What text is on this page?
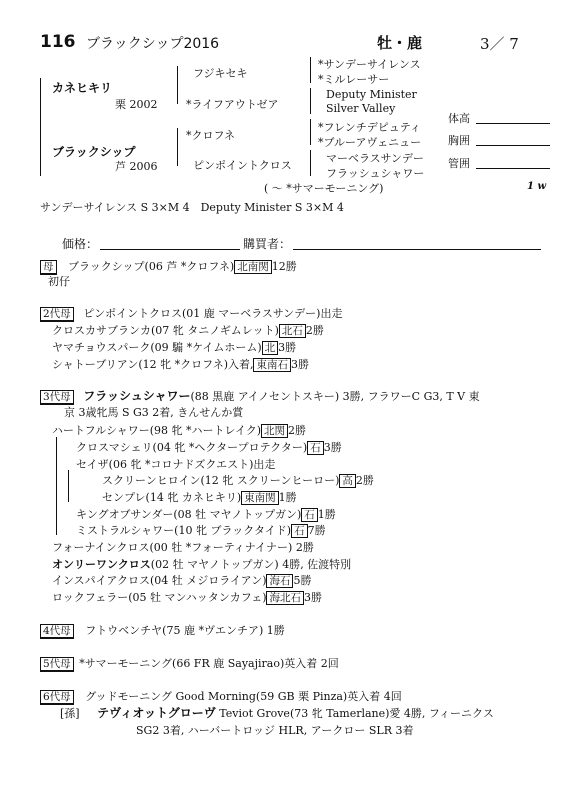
116 ブラックシップ2016	牡・鹿	3／ 7
カネヒキリ
栗 2002
ブラックシップ
芦 2006
フジキセキ
*ライフアウトゼア
*クロフネ
ピンポイントクロス
*サンデーサイレンス
*ミルレーサー
Deputy Minister
Silver Valley
*フレンチデピュティ
*ブルーアヴェニュー
マーベラスサンデー
フラッシュシャワー
体高
胸囲
管囲
( ～ *サマーモーニング)	1 w
サンデーサイレンス S 3×M 4　Deputy Minister S 3×M 4
価格：	購買者：
母 ブラックシップ(06 芦 *クロフネ) 北南関 12勝
初仔
2代母 ピンポイントクロス(01 鹿 マーベラスサンデー)出走
クロスカサブランカ(07 牝 タニノギムレット) 北石 2勝
ヤマチョウスパーク(09 騸 *ケイムホーム) 北 3勝
シャトーブリアン(12 牝 *クロフネ)入着, 東南石 3勝
3代母 フラッシュシャワー(88 黒鹿 アイノセントスキー) 3勝, フラワーC G3, T V 東
京 3歳牝馬 S G3 2着, きんせんか賞
ハートフルシャワー(98 牝 *ハートレイク) 北関 2勝
クロスマシェリ(04 牝 *ヘクタープロテクター) 石 3勝
セイザ(06 牝 *コロナドズクエスト)出走
スクリーンヒロイン(12 牝 スクリーンヒーロー) 高 2勝
センプレ(14 牝 カネヒキリ) 東南関 1勝
キングオブサンダー(08 牡 マヤノトップガン) 石 1勝
ミストラルシャワー(10 牝 ブラックタイド) 石 7勝
フォーナインクロス(00 牡 *フォーティナイナー) 2勝
オンリーワンクロス(02 牡 マヤノトップガン) 4勝, 佐渡特別
インスパイアクロス(04 牡 メジロライアン) 海石 5勝
ロックフェラー(05 牡 マンハッタンカフェ) 海北石 3勝
4代母 フトウベンチヤ(75 鹿 *ヴエンチア) 1勝
5代母 *サマーモーニング(66 FR 鹿 Sayajirao)英入着 2回
6代母 グッドモーニング Good Morning(59 GB 栗 Pinza)英入着 4回
[孫] テヴィオットグローヴ Teviot Grove(73 牝 Tamerlane)愛 4勝, フィーニクス
SG2 3着, ハーバートロッジ HLR, アークロー SLR 3着
